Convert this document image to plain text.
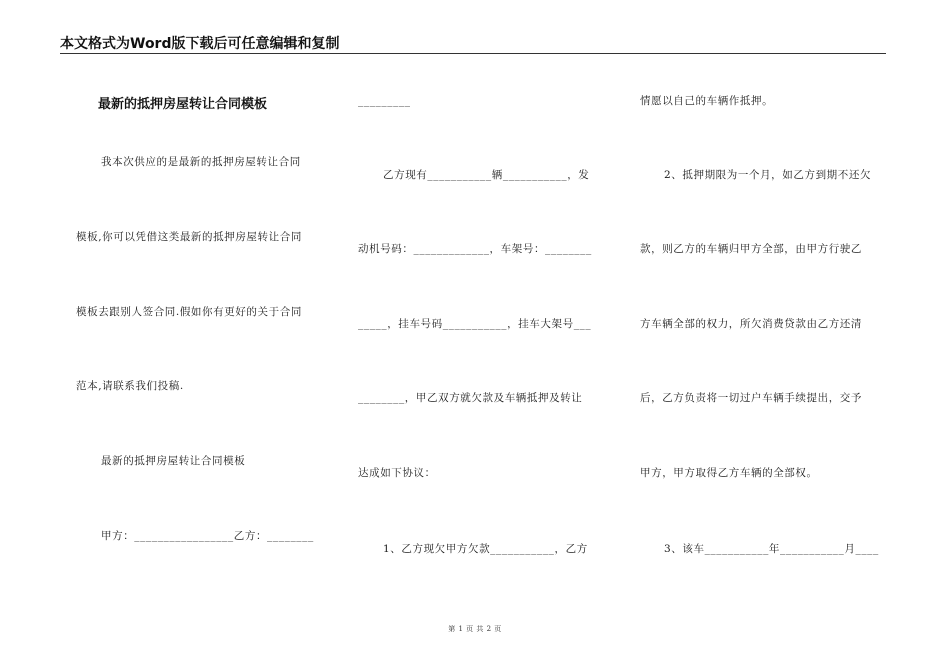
本文格式为Word版下载后可任意编辑和复制
最新的抵押房屋转让合同模板
我本次供应的是最新的抵押房屋转让合同
模板,你可以凭借这类最新的抵押房屋转让合同
模板去跟别人签合同.假如你有更好的关于合同
范本,请联系我们投稿.
最新的抵押房屋转让合同模板
甲方：_________________乙方：________
_________
乙方现有___________辆___________，发
动机号码：_____________，车架号：________
_____，挂车号码___________，挂车大架号___
________，甲乙双方就欠款及车辆抵押及转让
达成如下协议：
1、乙方现欠甲方欠款___________，乙方
情愿以自己的车辆作抵押。
2、抵押期限为一个月，如乙方到期不还欠
款，则乙方的车辆归甲方全部，由甲方行驶乙
方车辆全部的权力，所欠消费贷款由乙方还清
后，乙方负责将一切过户车辆手续提出，交予
甲方，甲方取得乙方车辆的全部权。
3、该车___________年___________月____
第 1 页 共 2 页
